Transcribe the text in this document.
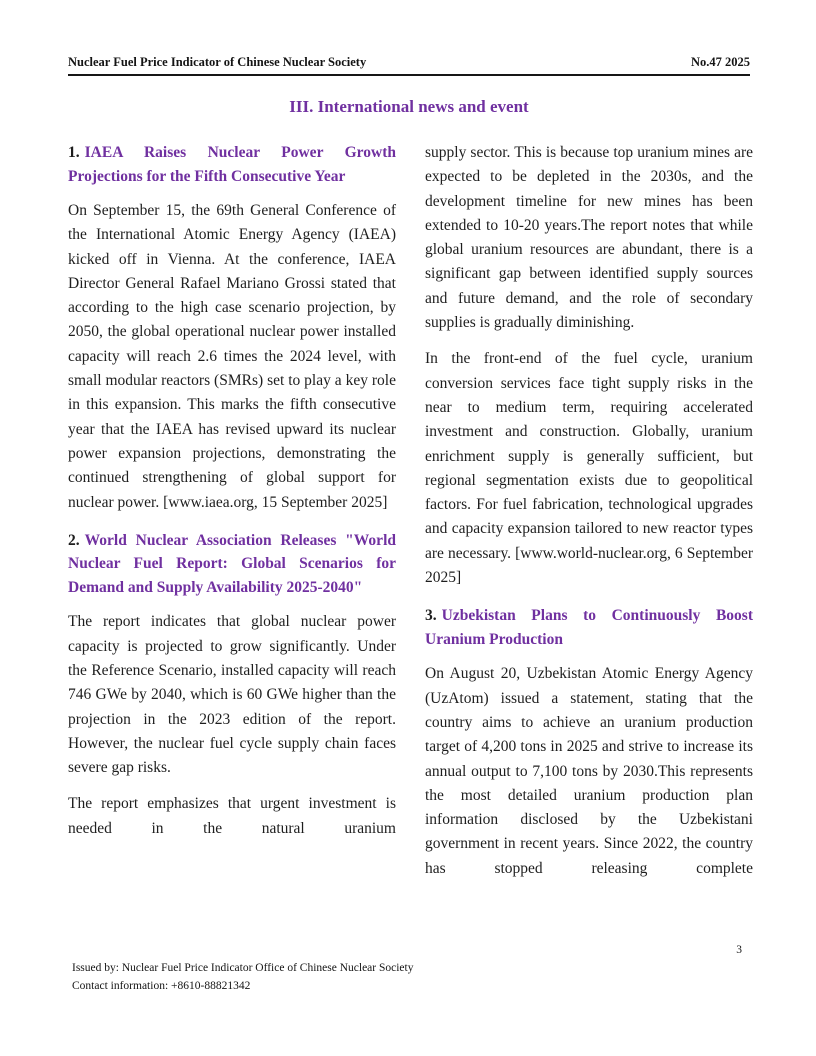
Nuclear Fuel Price Indicator of Chinese Nuclear Society	No.47 2025
III. International news and event
1. IAEA Raises Nuclear Power Growth Projections for the Fifth Consecutive Year

On September 15, the 69th General Conference of the International Atomic Energy Agency (IAEA) kicked off in Vienna. At the conference, IAEA Director General Rafael Mariano Grossi stated that according to the high case scenario projection, by 2050, the global operational nuclear power installed capacity will reach 2.6 times the 2024 level, with small modular reactors (SMRs) set to play a key role in this expansion. This marks the fifth consecutive year that the IAEA has revised upward its nuclear power expansion projections, demonstrating the continued strengthening of global support for nuclear power. [www.iaea.org, 15 September 2025]

2. World Nuclear Association Releases "World Nuclear Fuel Report: Global Scenarios for Demand and Supply Availability 2025-2040"

The report indicates that global nuclear power capacity is projected to grow significantly. Under the Reference Scenario, installed capacity will reach 746 GWe by 2040, which is 60 GWe higher than the projection in the 2023 edition of the report. However, the nuclear fuel cycle supply chain faces severe gap risks.

The report emphasizes that urgent investment is needed in the natural uranium

supply sector. This is because top uranium mines are expected to be depleted in the 2030s, and the development timeline for new mines has been extended to 10-20 years.The report notes that while global uranium resources are abundant, there is a significant gap between identified supply sources and future demand, and the role of secondary supplies is gradually diminishing.

In the front-end of the fuel cycle, uranium conversion services face tight supply risks in the near to medium term, requiring accelerated investment and construction. Globally, uranium enrichment supply is generally sufficient, but regional segmentation exists due to geopolitical factors. For fuel fabrication, technological upgrades and capacity expansion tailored to new reactor types are necessary. [www.world-nuclear.org, 6 September 2025]

3. Uzbekistan Plans to Continuously Boost Uranium Production

On August 20, Uzbekistan Atomic Energy Agency (UzAtom) issued a statement, stating that the country aims to achieve an uranium production target of 4,200 tons in 2025 and strive to increase its annual output to 7,100 tons by 2030.This represents the most detailed uranium production plan information disclosed by the Uzbekistani government in recent years. Since 2022, the country has stopped releasing complete

3
Issued by: Nuclear Fuel Price Indicator Office of Chinese Nuclear Society
Contact information: +8610-88821342
